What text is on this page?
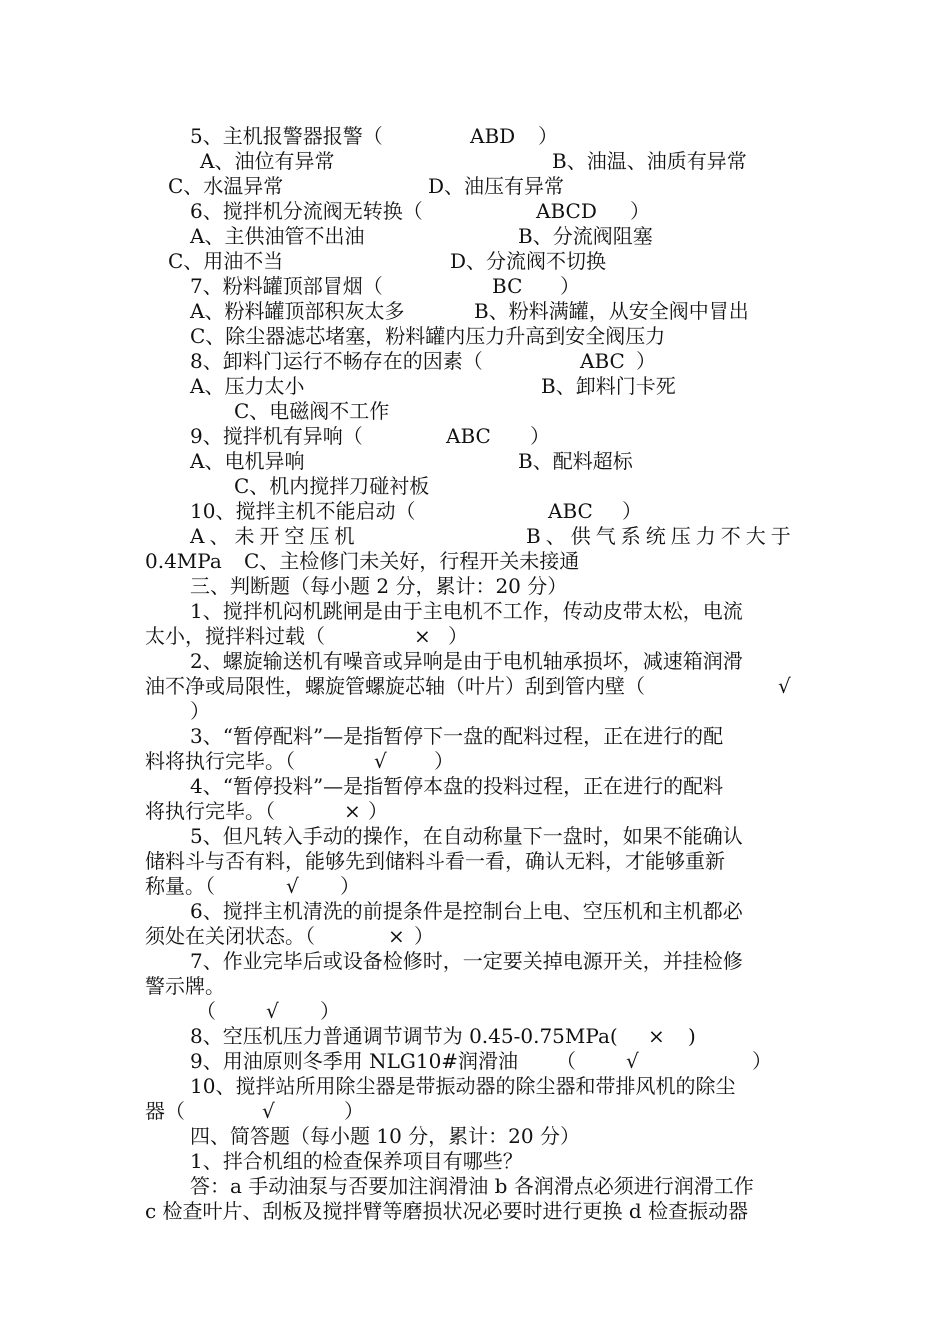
5、主机报警器报警（	ABD ）
A、油位有异常	B、油温、油质有异常
C、水温异常	D、油压有异常
6、搅拌机分流阀无转换（	ABCD ）
A、主供油管不出油	B、分流阀阻塞
C、用油不当	D、分流阀不切换
7、粉料罐顶部冒烟（	BC ）
A、粉料罐顶部积灰太多	B、粉料满罐，从安全阀中冒出
C、除尘器滤芯堵塞，粉料罐内压力升高到安全阀压力
8、卸料门运行不畅存在的因素（	ABC ）
A、压力太小	B、卸料门卡死
C、电磁阀不工作
9、搅拌机有异响（	ABC ）
A、电机异响	B、配料超标
C、机内搅拌刀碰衬板
10、搅拌主机不能启动（	ABC ）
A、未开空压机	B、供气系统压力不大于
0.4MPa C、主检修门未关好，行程开关未接通
三、判断题（每小题 2 分，累计：20 分）
1、搅拌机闷机跳闸是由于主电机不工作，传动皮带太松，电流
太小，搅拌料过载（	× ）
2、螺旋输送机有噪音或异响是由于电机轴承损坏，减速箱润滑
油不净或局限性，螺旋管螺旋芯轴（叶片）刮到管内壁（	√
）
3、“暂停配料”—是指暂停下一盘的配料过程，正在进行的配
料将执行完毕。（	√ ）
4、“暂停投料”—是指暂停本盘的投料过程，正在进行的配料
将执行完毕。（	× ）
5、但凡转入手动的操作，在自动称量下一盘时，如果不能确认
储料斗与否有料，能够先到储料斗看一看，确认无料，才能够重新
称量。（	√ ）
6、搅拌主机清洗的前提条件是控制台上电、空压机和主机都必
须处在关闭状态。（	× ）
7、作业完毕后或设备检修时，一定要关掉电源开关，并挂检修
警示牌。
（	√ ）
8、空压机压力普通调节调节为 0.45-0.75MPa( × )
9、用油原则冬季用 NLG10#润滑油 （	√	）
10、搅拌站所用除尘器是带振动器的除尘器和带排风机的除尘
器（	√	）
四、简答题（每小题 10 分，累计：20 分）
1、拌合机组的检查保养项目有哪些？
答：a 手动油泵与否要加注润滑油 b 各润滑点必须进行润滑工作
c 检查叶片、刮板及搅拌臂等磨损状况必要时进行更换 d 检查振动器
